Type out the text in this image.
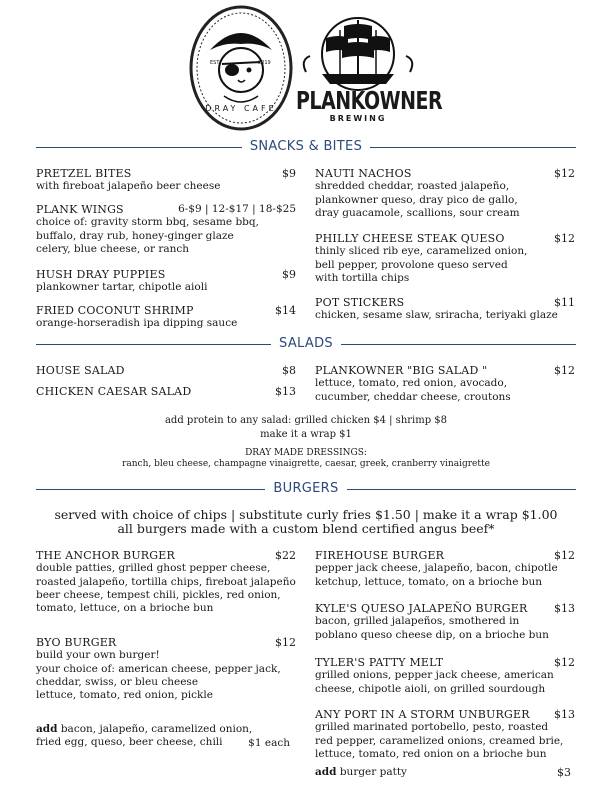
EST	2019
DRAY CAFE	PLANKOWNER
BREWING
SNACKS & BITES
PRETZEL BITES	$9
with fireboat jalapeño beer cheese
PLANK WINGS	6-$9 | 12-$17 | 18-$25
choice of: gravity storm bbq, sesame bbq,
buffalo, dray rub, honey-ginger glaze
celery, blue cheese, or ranch
HUSH DRAY PUPPIES	$9
plankowner tartar, chipotle aioli
FRIED COCONUT SHRIMP	$14
orange-horseradish ipa dipping sauce
NAUTI NACHOS	$12
shredded cheddar, roasted jalapeño,
plankowner queso, dray pico de gallo,
dray guacamole, scallions, sour cream
PHILLY CHEESE STEAK QUESO	$12
thinly sliced rib eye, caramelized onion,
bell pepper, provolone queso served
with tortilla chips
POT STICKERS	$11
chicken, sesame slaw, sriracha, teriyaki glaze
SALADS
HOUSE SALAD	$8
CHICKEN CAESAR SALAD	$13
PLANKOWNER "BIG SALAD "	$12
lettuce, tomato, red onion, avocado,
cucumber, cheddar cheese, croutons
add protein to any salad: grilled chicken $4 | shrimp $8
make it a wrap $1
DRAY MADE DRESSINGS:
ranch, bleu cheese, champagne vinaigrette, caesar, greek, cranberry vinaigrette
BURGERS
served with choice of chips | substitute curly fries $1.50 | make it a wrap $1.00
all burgers made with a custom blend certified angus beef*
THE ANCHOR BURGER	$22
double patties, grilled ghost pepper cheese,
roasted jalapeño, tortilla chips, fireboat jalapeño
beer cheese, tempest chili, pickles, red onion,
tomato, lettuce, on a brioche bun
BYO BURGER	$12
build your own burger!
your choice of: american cheese, pepper jack,
cheddar, swiss, or bleu cheese
lettuce, tomato, red onion, pickle
add bacon, jalapeño, caramelized onion,
fried egg, queso, beer cheese, chili	$1 each
FIREHOUSE BURGER	$12
pepper jack cheese, jalapeño, bacon, chipotle
ketchup, lettuce, tomato, on a brioche bun
KYLE'S QUESO JALAPEÑO BURGER	$13
bacon, grilled jalapeños, smothered in
poblano queso cheese dip, on a brioche bun
TYLER'S PATTY MELT	$12
grilled onions, pepper jack cheese, american
cheese, chipotle aioli, on grilled sourdough
ANY PORT IN A STORM UNBURGER	$13
grilled marinated portobello, pesto, roasted
red pepper, caramelized onions, creamed brie,
lettuce, tomato, red onion on a brioche bun
add burger patty	$3
